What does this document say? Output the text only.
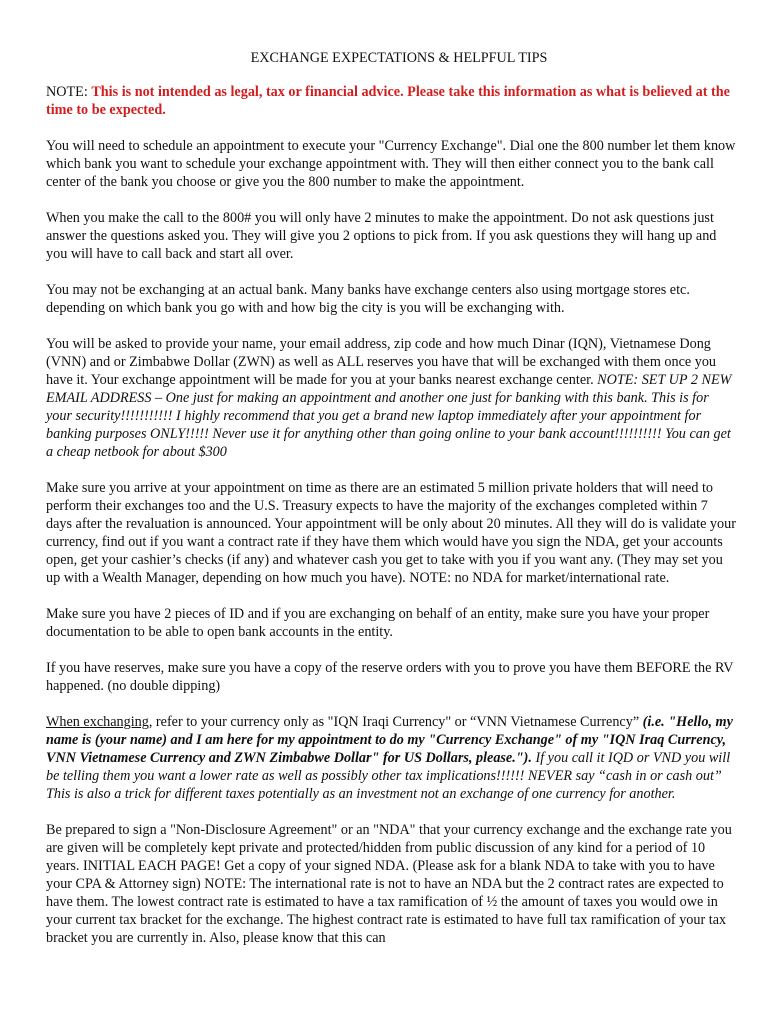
EXCHANGE EXPECTATIONS & HELPFUL TIPS

NOTE: This is not intended as legal, tax or financial advice. Please take this information as what is believed at the time to be expected.

You will need to schedule an appointment to execute your "Currency Exchange". Dial one the 800 number let them know which bank you want to schedule your exchange appointment with. They will then either connect you to the bank call center of the bank you choose or give you the 800 number to make the appointment.

When you make the call to the 800# you will only have 2 minutes to make the appointment. Do not ask questions just answer the questions asked you. They will give you 2 options to pick from. If you ask questions they will hang up and you will have to call back and start all over.

You may not be exchanging at an actual bank. Many banks have exchange centers also using mortgage stores etc. depending on which bank you go with and how big the city is you will be exchanging with.

You will be asked to provide your name, your email address, zip code and how much Dinar (IQN), Vietnamese Dong (VNN) and or Zimbabwe Dollar (ZWN) as well as ALL reserves you have that will be exchanged with them once you have it. Your exchange appointment will be made for you at your banks nearest exchange center. NOTE: SET UP 2 NEW EMAIL ADDRESS – One just for making an appointment and another one just for banking with this bank. This is for your security!!!!!!!!!!! I highly recommend that you get a brand new laptop immediately after your appointment for banking purposes ONLY!!!!! Never use it for anything other than going online to your bank account!!!!!!!!!! You can get a cheap netbook for about $300

Make sure you arrive at your appointment on time as there are an estimated 5 million private holders that will need to perform their exchanges too and the U.S. Treasury expects to have the majority of the exchanges completed within 7 days after the revaluation is announced. Your appointment will be only about 20 minutes. All they will do is validate your currency, find out if you want a contract rate if they have them which would have you sign the NDA, get your accounts open, get your cashier’s checks (if any) and whatever cash you get to take with you if you want any. (They may set you up with a Wealth Manager, depending on how much you have). NOTE: no NDA for market/international rate.

Make sure you have 2 pieces of ID and if you are exchanging on behalf of an entity, make sure you have your proper documentation to be able to open bank accounts in the entity.

If you have reserves, make sure you have a copy of the reserve orders with you to prove you have them BEFORE the RV happened. (no double dipping)

When exchanging, refer to your currency only as "IQN Iraqi Currency" or “VNN Vietnamese Currency” (i.e. "Hello, my name is (your name) and I am here for my appointment to do my "Currency Exchange" of my "IQN Iraq Currency, VNN Vietnamese Currency and ZWN Zimbabwe Dollar" for US Dollars, please."). If you call it IQD or VND you will be telling them you want a lower rate as well as possibly other tax implications!!!!!! NEVER say “cash in or cash out” This is also a trick for different taxes potentially as an investment not an exchange of one currency for another.

Be prepared to sign a "Non-Disclosure Agreement" or an "NDA" that your currency exchange and the exchange rate you are given will be completely kept private and protected/hidden from public discussion of any kind for a period of 10 years. INITIAL EACH PAGE! Get a copy of your signed NDA. (Please ask for a blank NDA to take with you to have your CPA & Attorney sign) NOTE: The international rate is not to have an NDA but the 2 contract rates are expected to have them. The lowest contract rate is estimated to have a tax ramification of ½ the amount of taxes you would owe in your current tax bracket for the exchange. The highest contract rate is estimated to have full tax ramification of your tax bracket you are currently in. Also, please know that this can
